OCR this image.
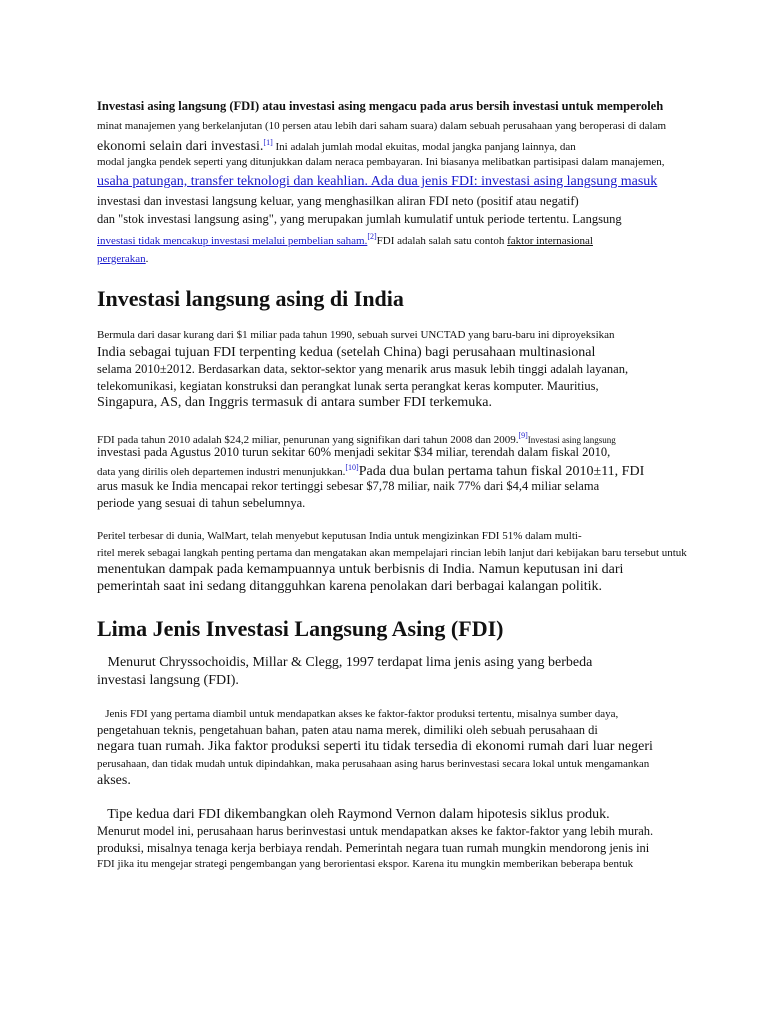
Investasi asing langsung (FDI) atau investasi asing mengacu pada arus bersih investasi untuk memperoleh
minat manajemen yang berkelanjutan (10 persen atau lebih dari saham suara) dalam sebuah perusahaan yang beroperasi di dalam
ekonomi selain dari investasi.[1] Ini adalah jumlah modal ekuitas, modal jangka panjang lainnya, dan
modal jangka pendek seperti yang ditunjukkan dalam neraca pembayaran. Ini biasanya melibatkan partisipasi dalam manajemen,
usaha patungan, transfer teknologi dan keahlian. Ada dua jenis FDI: investasi asing langsung masuk
investasi dan investasi langsung keluar, yang menghasilkan aliran FDI neto (positif atau negatif)
dan "stok investasi langsung asing", yang merupakan jumlah kumulatif untuk periode tertentu. Langsung
investasi tidak mencakup investasi melalui pembelian saham.[2]FDI adalah salah satu contoh faktor internasional
pergerakan.
Investasi langsung asing di India
Bermula dari dasar kurang dari $1 miliar pada tahun 1990, sebuah survei UNCTAD yang baru-baru ini diproyeksikan
India sebagai tujuan FDI terpenting kedua (setelah China) bagi perusahaan multinasional
selama 2010±2012. Berdasarkan data, sektor-sektor yang menarik arus masuk lebih tinggi adalah layanan,
telekomunikasi, kegiatan konstruksi dan perangkat lunak serta perangkat keras komputer. Mauritius,
Singapura, AS, dan Inggris termasuk di antara sumber FDI terkemuka.
FDI pada tahun 2010 adalah $24,2 miliar, penurunan yang signifikan dari tahun 2008 dan 2009.[9]Investasi asing langsung
investasi pada Agustus 2010 turun sekitar 60% menjadi sekitar $34 miliar, terendah dalam fiskal 2010,
data yang dirilis oleh departemen industri menunjukkan.[10]Pada dua bulan pertama tahun fiskal 2010±11, FDI
arus masuk ke India mencapai rekor tertinggi sebesar $7,78 miliar, naik 77% dari $4,4 miliar selama
periode yang sesuai di tahun sebelumnya.
Peritel terbesar di dunia, WalMart, telah menyebut keputusan India untuk mengizinkan FDI 51% dalam multi-
ritel merek sebagai langkah penting pertama dan mengatakan akan mempelajari rincian lebih lanjut dari kebijakan baru tersebut untuk
menentukan dampak pada kemampuannya untuk berbisnis di India. Namun keputusan ini dari
pemerintah saat ini sedang ditangguhkan karena penolakan dari berbagai kalangan politik.
Lima Jenis Investasi Langsung Asing (FDI)
Menurut Chryssochoidis, Millar & Clegg, 1997 terdapat lima jenis asing yang berbeda
investasi langsung (FDI).
Jenis FDI yang pertama diambil untuk mendapatkan akses ke faktor-faktor produksi tertentu, misalnya sumber daya,
pengetahuan teknis, pengetahuan bahan, paten atau nama merek, dimiliki oleh sebuah perusahaan di
negara tuan rumah. Jika faktor produksi seperti itu tidak tersedia di ekonomi rumah dari luar negeri
perusahaan, dan tidak mudah untuk dipindahkan, maka perusahaan asing harus berinvestasi secara lokal untuk mengamankan
akses.
Tipe kedua dari FDI dikembangkan oleh Raymond Vernon dalam hipotesis siklus produk.
Menurut model ini, perusahaan harus berinvestasi untuk mendapatkan akses ke faktor-faktor yang lebih murah.
produksi, misalnya tenaga kerja berbiaya rendah. Pemerintah negara tuan rumah mungkin mendorong jenis ini
FDI jika itu mengejar strategi pengembangan yang berorientasi ekspor. Karena itu mungkin memberikan beberapa bentuk
